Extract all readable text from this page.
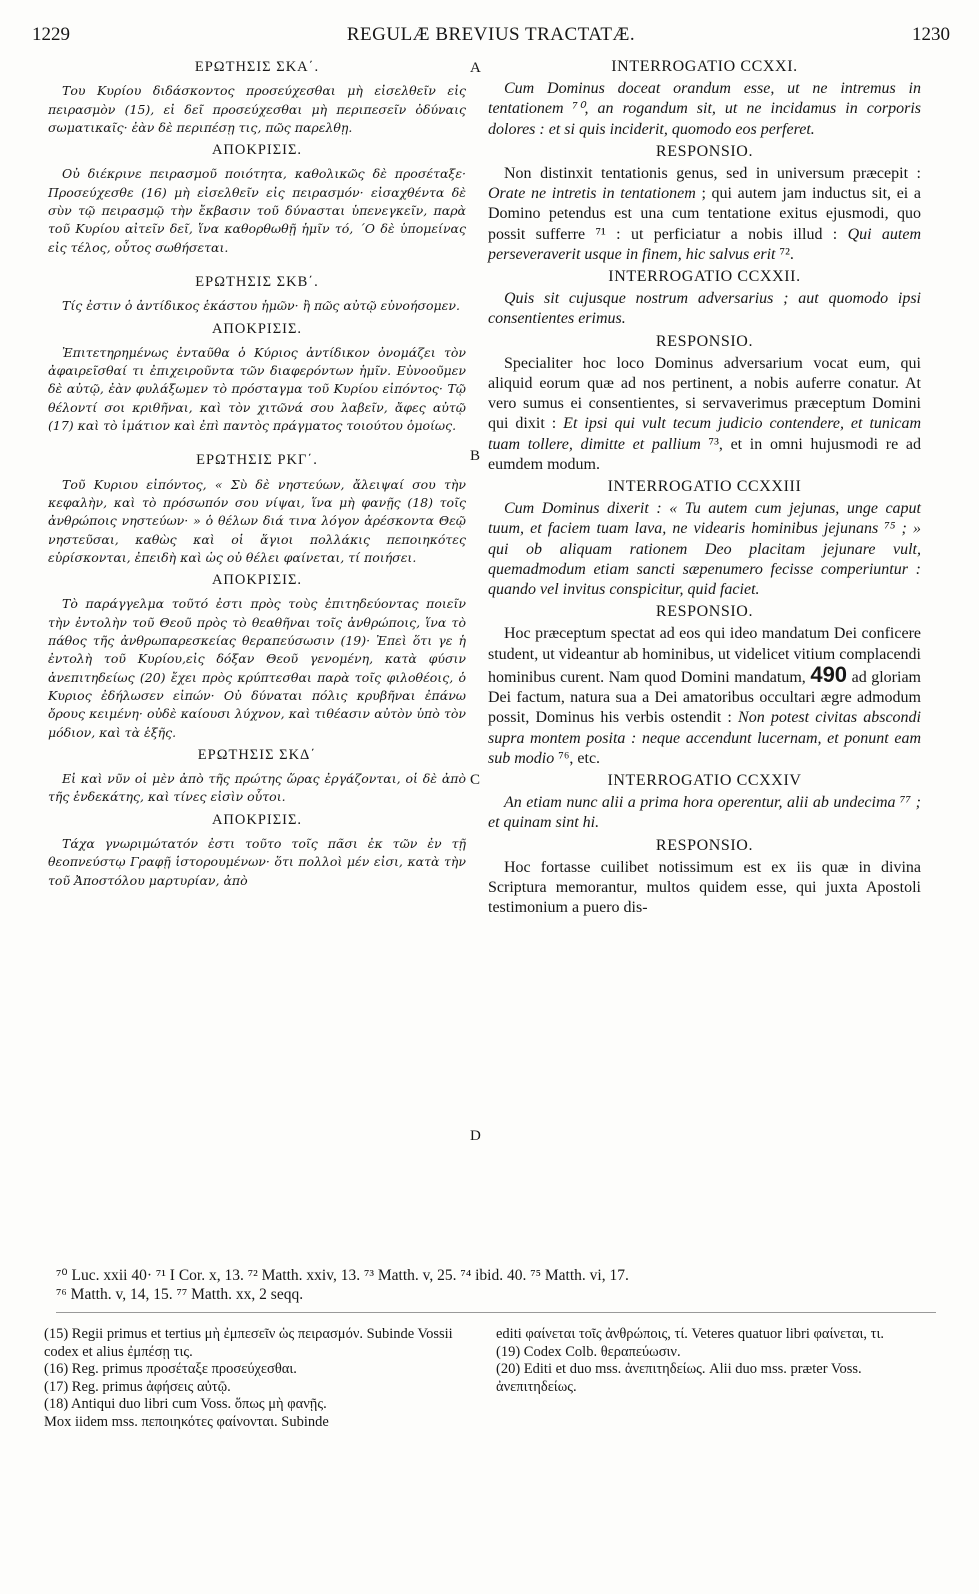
1229	REGULÆ BREVIUS TRACTATÆ.	1230
A
B
C
D
ΕΡΩΤΗΣΙΣ ΣΚΑ΄.

Του Κυρίου διδάσκοντος προσεύχεσθαι μὴ εἰσελθεῖν εἰς πειρασμὸν (15), εἰ δεῖ προσεύχεσθαι μὴ περιπεσεῖν ὀδύναις σωματικαῖς· ἐὰν δὲ περιπέσῃ τις, πῶς παρελθῃ.

ΑΠΟΚΡΙΣΙΣ.

Οὐ διέκρινε πειρασμοῦ ποιότητα, καθολικῶς δὲ προσέταξε· Προσεύχεσθε (16) μὴ εἰσελθεῖν εἰς πειρασμόν· εἰσαχθέντα δὲ σὺν τῷ πειρασμῷ τὴν ἔκβασιν τοῦ δύνασται ὑπενεγκεῖν, παρὰ τοῦ Κυρίου αἰτεῖν δεῖ, ἵνα καθορθωθῇ ἡμῖν τό, ΄Ο δὲ ὑπομείνας εἰς τέλος, οὗτος σωθήσεται.

ΕΡΩΤΗΣΙΣ ΣΚΒ΄.

Τίς ἐστιν ὁ ἀντίδικος ἑκάστου ἡμῶν· ἢ πῶς αὐτῷ εὐνοήσομεν.

ΑΠΟΚΡΙΣΙΣ.

Ἐπιτετηρημένως ἐνταῦθα ὁ Κύριος ἀντίδικον ὀνομάζει τὸν ἀφαιρεῖσθαί τι ἐπιχειροῦντα τῶν διαφερόντων ἡμῖν. Εὐνοοῦμεν δὲ αὐτῷ, ἐὰν φυλάξωμεν τὸ πρόσταγμα τοῦ Κυρίου εἰπόντος· Τῷ θέλοντί σοι κριθῆναι, καὶ τὸν χιτῶνά σου λαβεῖν, ἄφες αὐτῷ (17) καὶ τὸ ἱμάτιον καὶ ἐπὶ παντὸς πράγματος τοιούτου ὁμοίως.

ΕΡΩΤΗΣΙΣ ΡΚΓ΄.

Τοῦ Κυριου εἰπόντος, « Σὺ δὲ νηστεύων, ἄλειψαί σου τὴν κεφαλὴν, καὶ τὸ πρόσωπόν σου νίψαι, ἵνα μὴ φανῇς (18) τοῖς ἀνθρώποις νηστεύων· » ὁ θέλων διά τινα λόγον ἀρέσκοντα Θεῷ νηστεῦσαι, καθὼς καὶ οἱ ἅγιοι πολλάκις πεποιηκότες εὑρίσκονται, ἐπειδὴ καὶ ὡς οὐ θέλει φαίνεται, τί ποιήσει.

ΑΠΟΚΡΙΣΙΣ.

Τὸ παράγγελμα τοῦτό ἐστι πρὸς τοὺς ἐπιτηδεύοντας ποιεῖν τὴν ἐντολὴν τοῦ Θεοῦ πρὸς τὸ θεαθῆναι τοῖς ἀνθρώποις, ἵνα τὸ πάθος τῆς ἀνθρωπαρεσκείας θεραπεύσωσιν (19)· Ἐπεὶ ὅτι γε ἡ ἐντολὴ τοῦ Κυρίου,εἰς δόξαν Θεοῦ γενομένη, κατὰ φύσιν ἀνεπιτηδείως (20) ἔχει πρὸς κρύπτεσθαι παρὰ τοῖς φιλοθέοις, ὁ Κυριος ἐδήλωσεν εἰπών· Οὐ δύναται πόλις κρυβῆναι ἐπάνω ὄρους κειμένη· οὐδὲ καίουσι λύχνον, καὶ τιθέασιν αὐτὸν ὑπὸ τὸν μόδιον, καὶ τὰ ἑξῆς.

ΕΡΩΤΗΣΙΣ ΣΚΔ΄

Εἰ καὶ νῦν οἱ μὲν ἀπὸ τῆς πρώτης ὥρας ἐργάζονται, οἱ δὲ ἀπὸ τῆς ἑνδεκάτης, καὶ τίνες εἰσὶν οὗτοι.

ΑΠΟΚΡΙΣΙΣ.

Τάχα γνωριμώτατόν ἐστι τοῦτο τοῖς πᾶσι ἐκ τῶν ἐν τῇ θεοπνεύστῳ Γραφῇ ἱστορουμένων· ὅτι πολλοὶ μέν εἰσι, κατὰ τὴν τοῦ Ἀποστόλου μαρτυρίαν, ἀπὸ

INTERROGATIO CCXXI.

Cum Dominus doceat orandum esse, ut ne intremus in tentationem ⁷⁰, an rogandum sit, ut ne incidamus in corporis dolores : et si quis inciderit, quomodo eos perferet.

RESPONSIO.

Non distinxit tentationis genus, sed in universum præcepit : Orate ne intretis in tentationem ; qui autem jam inductus sit, ei a Domino petendus est una cum tentatione exitus ejusmodi, quo possit sufferre ⁷¹ : ut perficiatur a nobis illud : Qui autem perseveraverit usque in finem, hic salvus erit ⁷².

INTERROGATIO CCXXII.

Quis sit cujusque nostrum adversarius ; aut quomodo ipsi consentientes erimus.

RESPONSIO.

Specialiter hoc loco Dominus adversarium vocat eum, qui aliquid eorum quæ ad nos pertinent, a nobis auferre conatur. At vero sumus ei consentientes, si servaverimus præceptum Domini qui dixit : Et ipsi qui vult tecum judicio contendere, et tunicam tuam tollere, dimitte et pallium ⁷³, et in omni hujusmodi re ad eumdem modum.

INTERROGATIO CCXXIII

Cum Dominus dixerit : « Tu autem cum jejunas, unge caput tuum, et faciem tuam lava, ne videaris hominibus jejunans ⁷⁵ ; » qui ob aliquam rationem Deo placitam jejunare vult, quemadmodum etiam sancti sæpenumero fecisse comperiuntur : quando vel invitus conspicitur, quid faciet.

RESPONSIO.

Hoc præceptum spectat ad eos qui ideo mandatum Dei conficere student, ut videantur ab hominibus, ut videlicet vitium complacendi hominibus curent. Nam quod Domini mandatum, 490 ad gloriam Dei factum, natura sua a Dei amatoribus occultari ægre admodum possit, Dominus his verbis ostendit : Non potest civitas abscondi supra montem posita : neque accendunt lucernam, et ponunt eam sub modio ⁷⁶, etc.

INTERROGATIO CCXXIV

An etiam nunc alii a prima hora operentur, alii ab undecima ⁷⁷ ; et quinam sint hi.

RESPONSIO.

Hoc fortasse cuilibet notissimum est ex iis quæ in divina Scriptura memorantur, multos quidem esse, qui juxta Apostoli testimonium a puero dis-

⁷⁰ Luc. xxii 40· ⁷¹ I Cor. x, 13. ⁷² Matth. xxiv, 13. ⁷³ Matth. v, 25. ⁷⁴ ibid. 40. ⁷⁵ Matth. vi, 17.
⁷⁶ Matth. v, 14, 15. ⁷⁷ Matth. xx, 2 seqq.

(15) Regii primus et tertius μὴ ἐμπεσεῖν ὡς πειρασμόν. Subinde Vossii codex et alius ἐμπέσῃ τις.

(16) Reg. primus προσέταξε προσεύχεσθαι.

(17) Reg. primus ἀφήσεις αὐτῷ.

(18) Antiqui duo libri cum Voss. ὅπως μὴ φανῇς.

Mox iidem mss. πεποιηκότες φαίνονται. Subinde

editi φαίνεται τοῖς ἀνθρώποις, τί. Veteres quatuor libri φαίνεται, τι.

(19) Codex Colb. θεραπεύωσιν.

(20) Editi et duo mss. ἀνεπιτηδείως. Alii duo mss. præter Voss. ἀνεπιτηδείως.
